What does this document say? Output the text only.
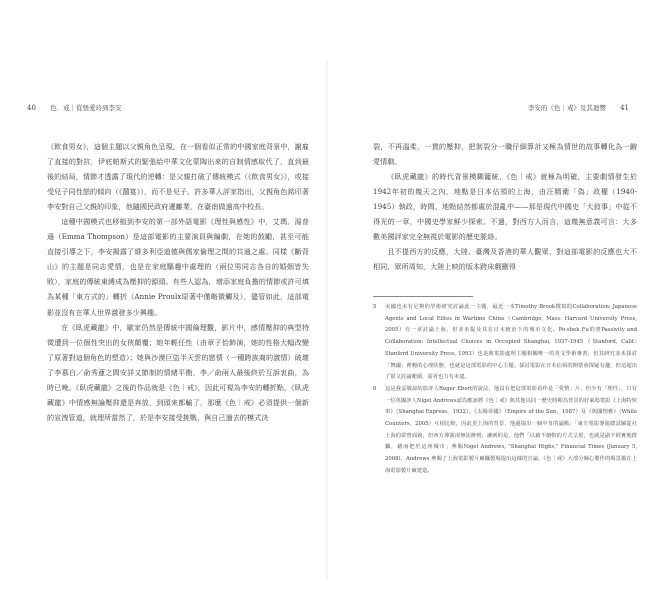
40 色．戒｜從張愛玲到李安

《飲食男女》，這個主題以父親角色呈現，在一個看似正常的中國家庭背景中，謝雇了直接的對抗，伊底帕斯式的緊張給中華文化蒙陶出來的自制情感取代了，直到最後的結局，情節才透露了現代的逆轉：是父親打破了傳統模式（《飲食男女》），或接受兒子同性戀的傾向（《囍宴》），而不是兒子。許多華人評家指出，父親角色銘印著李安對自己父親的印象，他隨國民政府遷離業，在臺南做過高中校長。

這種中國模式也移植到李安的第一部外語電影《理性與感性》中，艾瑪．湯普遜（Emma Thompson）是這部電影的主要演員與編劇，在她的鼓勵，甚至可能直接引導之下，李安揭露了維多利亞道德與儒家倫理之間的共通之處。同樣《斷背山》的主題是同志愛情，也是在家庭驅趨中處理的（兩位男同志各自的婚姻皆失敗），家庭的傳統東縛成為壓抑的源頭。有些人認為，增添家庭負擔的情節或許可填為某種「東方式的」轉折（Annie Proulx原著中僅略微觸及），儘管如此，這部電影並沒有在華人世界激發多少興趣。

在《臥虎藏龍》中，歐家仍然是傳統中國倫理觀，影片中，感情壓抑的典型特徵遭到一位個性突出的女俠顛覆；她年輕任性（由章子怡飾演，她的性格大幅改變了原著對這個角色的塑造）；她與沙漠巨盜半天雲的戀情（一種跨族裔的激情）破壞了李慕白／俞秀蓮之間安詳又節制的情緒平衡，李／俞兩人最後終於互訴衷曲，為時已晚。《臥虎藏龍》之後的作品就是《色｜戒》，因此可視為李安的轉折點，《臥虎藏龍》中情感無論壓抑還是奔放，到頭來都輸了，那麼《色｜戒》必須提供一個新的宣洩管道，就理所當然了，於是李安接受挑戰，與自己過去的模式決

李安的《色｜戒》及其迴響 41

裂，不再溫柔，一貫的壓抑，把剝裂分一職仔細算計又極為情世的故事轉化為一齣愛情劇。

《臥虎藏龍》的時代背景模糊籠統，《色｜戒》就極為明確，主要劇情發生於1942年初的幾天之內，地點是日本佔領的上海，由汪精衛「偽」政權（1940-1945）執政，時間、地點結然都處於混亂中——那是現代中國史「大敘事」中從不得光的一章，中國史學家鮮少探索。不過，對西方人而言，這幾無意義可言：大多數美國評家完全無視於電影的歷史脈絡。

且不提西方的反應，大陸、臺灣及香港的華人觀眾，對這部電影的反應也大不相同，眾所周知，大陸上映的版本跨床戲刪得

5	美國也未有足夠的學術研究討論此一主題，最近一本Timothy Brook撰寫的Collaboration: Japanese Agents and Local Elites in Wartime China（Cambridge, Mass: Harvard University Press, 2005）有一章討論上海，但並未提及其在日本統治下的城市文化。Po-shek Fu的書Passivity and Collaboration: Intellectual Choices in Occupied Shanghai, 1937-1945（Stanford, Calif.: Stanford University Press, 1993）也是與電影處理主題相關唯一的英文學術專書，但其研究並未探討「舞國」裡輕的心理狀態，也就是這部電影的中心主題。探討電影在日本佔領的開蒙會探疑有趣，但這超出了很文討論範圍，需者也力有未逮。
6	這是我妥敬諒的影評人Roger Ebert的說法，他沒有把這部電影看作是「愛情」片，但少有「理性」，只有一位英國評人Nigel Andrews認為應該將《色｜戒》與其他以同一歷史時期為背景的好萊塢電影《上海特快車》（Shanghai Express，1932）、《太陽帝國》（Empire of the Sun，1987）及《與國情雅》（While Counters，2005）互相比較，因此更上海的背景，他還提出一個中肯的論點：「東方電影導演總試圖從社上海的眾曾面貌，但西方導演卻無法辦到；讓刺的是，他們「以藉不朝較的方式呈現，也就是副不經實地群攝，藉而把於這座城市」參閱Nigel Andrews, "Shanghai Highs," Financial Times (January 5, 2008)。Andrews 參閱了上海電影製片廠攝製場提出這樣的宣論，《色｜戒》大部分縣心製作的場景都在上海電影製片廠建造。
